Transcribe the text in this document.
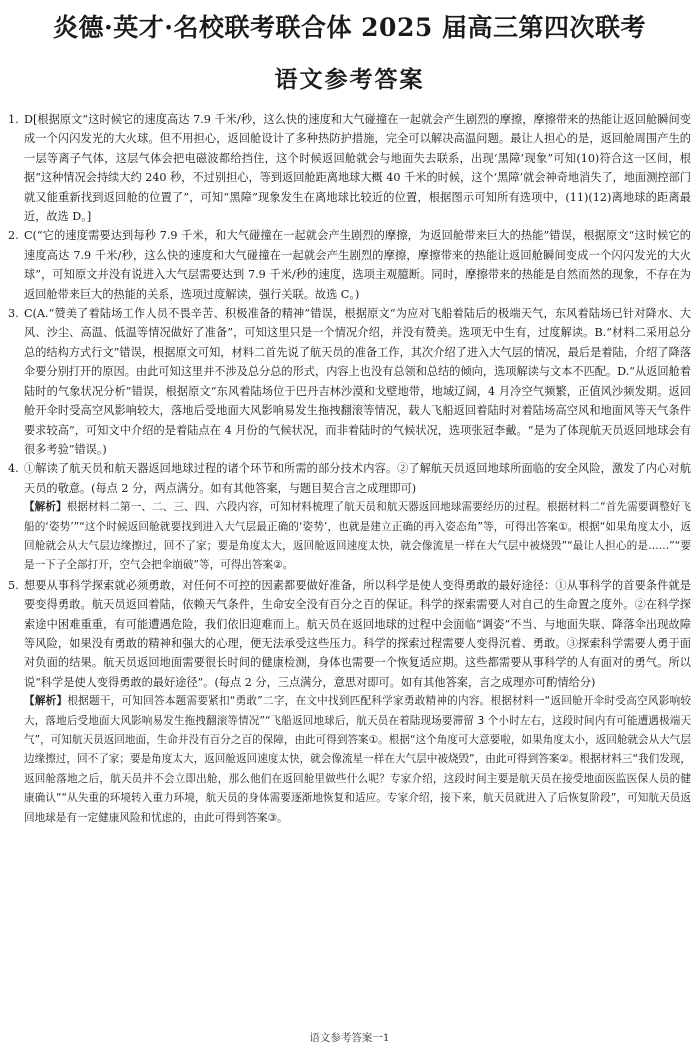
炎德·英才·名校联考联合体 2025 届高三第四次联考
语文参考答案
1. D[根据原文“这时候它的速度高达 7.9 千米/秒，这么快的速度和大气碰撞在一起就会产生剧烈的摩擦，摩擦带来的热能让返回舱瞬间变成一个闪闪发光的大火球。但不用担心，返回舱设计了多种热防护措施，完全可以解决高温问题。最让人担心的是，返回舱周围产生的一层等离子气体，这层气体会把电磁波都给挡住，这个时候返回舱就会与地面失去联系，出现‘黑障’现象”可知(10)符合这一区间，根据“这种情况会持续大约 240 秒，不过别担心，等到返回舱距离地球大概 40 千米的时候，这个‘黑障’就会神奇地消失了，地面测控部门就又能重新找到返回舱的位置了”，可知“黑障”现象发生在离地球比较近的位置，根据图示可知所有选项中，(11)(12)离地球的距离最近，故选 D。]
2. C(“它的速度需要达到每秒 7.9 千米，和大气碰撞在一起就会产生剧烈的摩擦，为返回舱带来巨大的热能”错误，根据原文“这时候它的速度高达 7.9 千米/秒，这么快的速度和大气碰撞在一起就会产生剧烈的摩擦，摩擦带来的热能让返回舱瞬间变成一个闪闪发光的大火球”，可知原文并没有说进入大气层需要达到 7.9 千米/秒的速度，选项主观臆断。同时，摩擦带来的热能是自然而然的现象，不存在为返回舱带来巨大的热能的关系，选项过度解读，强行关联。故选 C。)
3. C(A.“赞美了着陆场工作人员不畏辛苦、积极准备的精神”错误，根据原文“为应对飞船着陆后的极端天气，东风着陆场已针对降水、大风、沙尘、高温、低温等情况做好了准备”，可知这里只是一个情况介绍，并没有赞美。选项无中生有，过度解读。B.“材料二采用总分总的结构方式行文”错误，根据原文可知，材料二首先说了航天员的准备工作，其次介绍了进入大气层的情况，最后是着陆，介绍了降落伞要分别打开的原因。由此可知这里并不涉及总分总的形式，内容上也没有总领和总结的倾向，选项解读与文本不匹配。D.“从返回舱着陆时的气象状况分析”错误，根据原文“东风着陆场位于巴丹吉林沙漠和戈壁地带，地域辽阔，4 月冷空气频繁，正值风沙频发期。返回舱开伞时受高空风影响较大，落地后受地面大风影响易发生拖拽翻滚等情况，载人飞船返回着陆时对着陆场高空风和地面风等天气条件要求较高”，可知文中介绍的是着陆点在 4 月份的气候状况，而非着陆时的气候状况，选项张冠李戴。“是为了体现航天员返回地球会有很多考验”错误。)
4. ①解读了航天员和航天器返回地球过程的诸个环节和所需的部分技术内容。②了解航天员返回地球所面临的安全风险，激发了内心对航天员的敬意。(每点 2 分，两点满分。如有其他答案，与题目契合言之成理即可)
【解析】根据材料二第一、二、三、四、六段内容，可知材料梳理了航天员和航天器返回地球需要经历的过程。根据材料二“首先需要调整好飞船的‘姿势’”“这个时候返回舱就要找到进入大气层最正确的‘姿势’，也就是建立正确的再入姿态角”等，可得出答案①。根据“如果角度太小，返回舱就会从大气层边缘擦过，回不了家；要是角度太大，返回舱返回速度太快，就会像流星一样在大气层中被烧毁”“最让人担心的是……”“要是一下子全部打开，空气会把伞崩破”等，可得出答案②。
5. 想要从事科学探索就必须勇敢，对任何不可控的因素都要做好准备，所以科学是使人变得勇敢的最好途径：①从事科学的首要条件就是要变得勇敢。航天员返回着陆，依赖天气条件，生命安全没有百分之百的保证。科学的探索需要人对自己的生命置之度外。②在科学探索途中困难重重，有可能遭遇危险，我们依旧迎难而上。航天员在返回地球的过程中会面临“调姿”不当、与地面失联、降落伞出现故障等风险，如果没有勇敢的精神和强大的心理，便无法承受这些压力。科学的探索过程需要人变得沉着、勇敢。③探索科学需要人勇于面对负面的结果。航天员返回地面需要很长时间的健康检测，身体也需要一个恢复适应期。这些都需要从事科学的人有面对的勇气。所以说“科学是使人变得勇敢的最好途径”。(每点 2 分，三点满分，意思对即可。如有其他答案，言之成理亦可酌情给分)
【解析】根据题干，可知回答本题需要紧扣“勇敢”二字，在文中找到匹配科学家勇敢精神的内容。根据材料一“返回舱开伞时受高空风影响较大，落地后受地面大风影响易发生拖拽翻滚等情况”“飞船返回地球后，航天员在着陆现场要滞留 3 个小时左右，这段时间内有可能遭遇极端天气”，可知航天员返回地面，生命并没有百分之百的保障，由此可得到答案①。根据“这个角度可大意要啦，如果角度太小，返回舱就会从大气层边缘擦过，回不了家；要是角度太大，返回舱返回速度太快，就会像流星一样在大气层中被烧毁”，由此可得到答案②。根据材料三“我们发现，返回舱落地之后，航天员并不会立即出舱，那么他们在返回舱里做些什么呢？专家介绍，这段时间主要是航天员在接受地面医监医保人员的健康确认”“从失重的环境转入重力环境，航天员的身体需要逐渐地恢复和适应。专家介绍，接下来，航天员就进入了后恢复阶段”，可知航天员返回地球是有一定健康风险和忧虑的，由此可得到答案③。
语文参考答案一1
